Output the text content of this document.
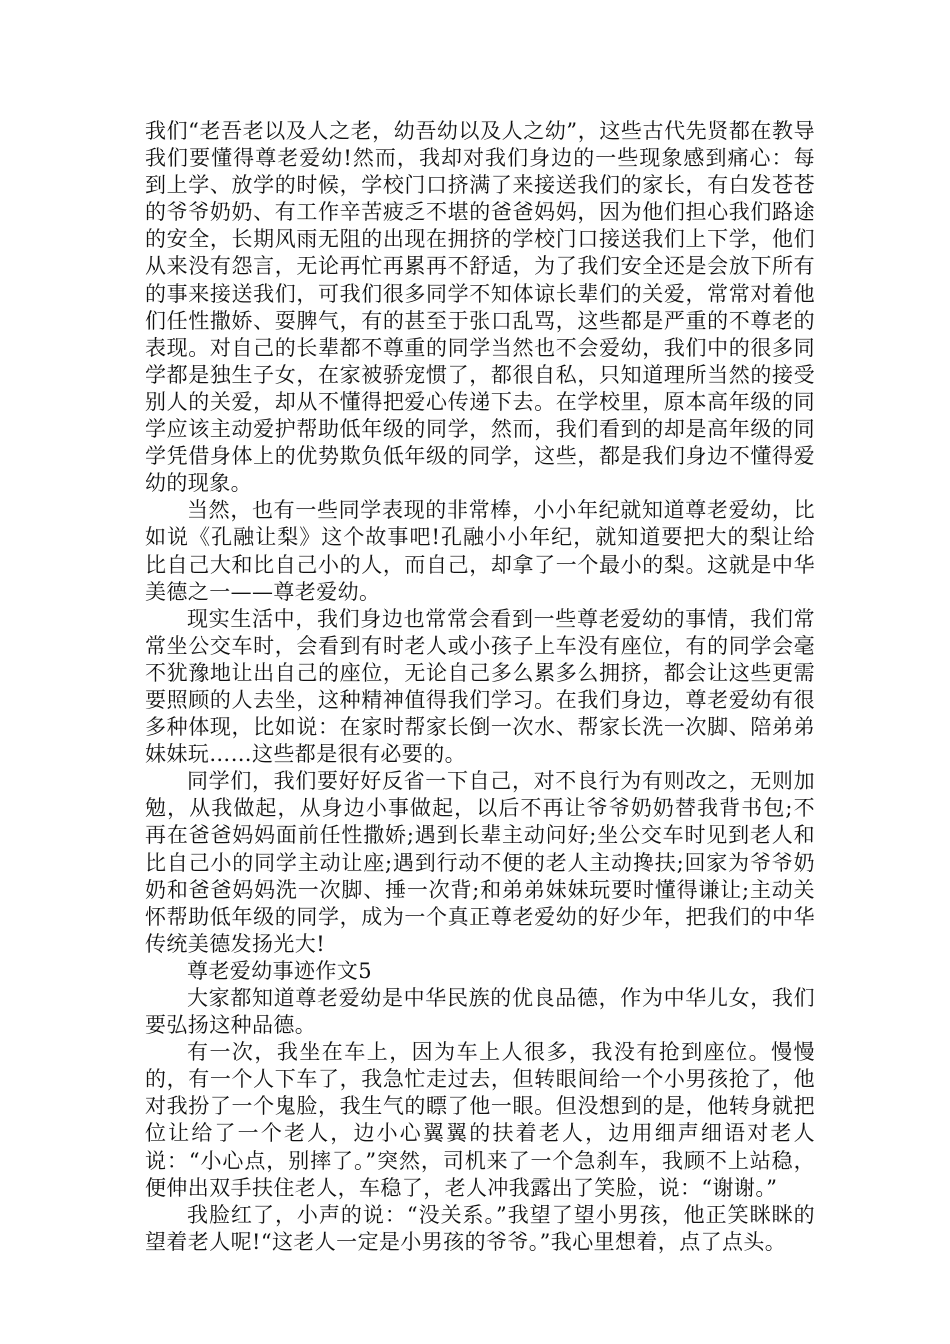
我们“老吾老以及人之老，幼吾幼以及人之幼”，这些古代先贤都在教导我们要懂得尊老爱幼!然而，我却对我们身边的一些现象感到痛心：每到上学、放学的时候，学校门口挤满了来接送我们的家长，有白发苍苍的爷爷奶奶、有工作辛苦疲乏不堪的爸爸妈妈，因为他们担心我们路途的安全，长期风雨无阻的出现在拥挤的学校门口接送我们上下学，他们从来没有怨言，无论再忙再累再不舒适，为了我们安全还是会放下所有的事来接送我们，可我们很多同学不知体谅长辈们的关爱，常常对着他们任性撒娇、耍脾气，有的甚至于张口乱骂，这些都是严重的不尊老的表现。对自己的长辈都不尊重的同学当然也不会爱幼，我们中的很多同学都是独生子女，在家被骄宠惯了，都很自私，只知道理所当然的接受别人的关爱，却从不懂得把爱心传递下去。在学校里，原本高年级的同学应该主动爱护帮助低年级的同学，然而，我们看到的却是高年级的同学凭借身体上的优势欺负低年级的同学，这些，都是我们身边不懂得爱幼的现象。

当然，也有一些同学表现的非常棒，小小年纪就知道尊老爱幼，比如说《孔融让梨》这个故事吧!孔融小小年纪，就知道要把大的梨让给比自己大和比自己小的人，而自己，却拿了一个最小的梨。这就是中华美德之一——尊老爱幼。

现实生活中，我们身边也常常会看到一些尊老爱幼的事情，我们常常坐公交车时，会看到有时老人或小孩子上车没有座位，有的同学会毫不犹豫地让出自己的座位，无论自己多么累多么拥挤，都会让这些更需要照顾的人去坐，这种精神值得我们学习。在我们身边，尊老爱幼有很多种体现，比如说：在家时帮家长倒一次水、帮家长洗一次脚、陪弟弟妹妹玩……这些都是很有必要的。

同学们，我们要好好反省一下自己，对不良行为有则改之，无则加勉，从我做起，从身边小事做起，以后不再让爷爷奶奶替我背书包;不再在爸爸妈妈面前任性撒娇;遇到长辈主动问好;坐公交车时见到老人和比自己小的同学主动让座;遇到行动不便的老人主动搀扶;回家为爷爷奶奶和爸爸妈妈洗一次脚、捶一次背;和弟弟妹妹玩要时懂得谦让;主动关怀帮助低年级的同学，成为一个真正尊老爱幼的好少年，把我们的中华传统美德发扬光大!

尊老爱幼事迹作文5

大家都知道尊老爱幼是中华民族的优良品德，作为中华儿女，我们要弘扬这种品德。

有一次，我坐在车上，因为车上人很多，我没有抢到座位。慢慢的，有一个人下车了，我急忙走过去，但转眼间给一个小男孩抢了，他对我扮了一个鬼脸，我生气的瞟了他一眼。但没想到的是，他转身就把位让给了一个老人，边小心翼翼的扶着老人，边用细声细语对老人说：“小心点，别摔了。”突然，司机来了一个急刹车，我顾不上站稳，便伸出双手扶住老人，车稳了，老人冲我露出了笑脸，说：“谢谢。”

我脸红了，小声的说：“没关系。”我望了望小男孩，他正笑眯眯的望着老人呢!“这老人一定是小男孩的爷爷。”我心里想着，点了点头。
